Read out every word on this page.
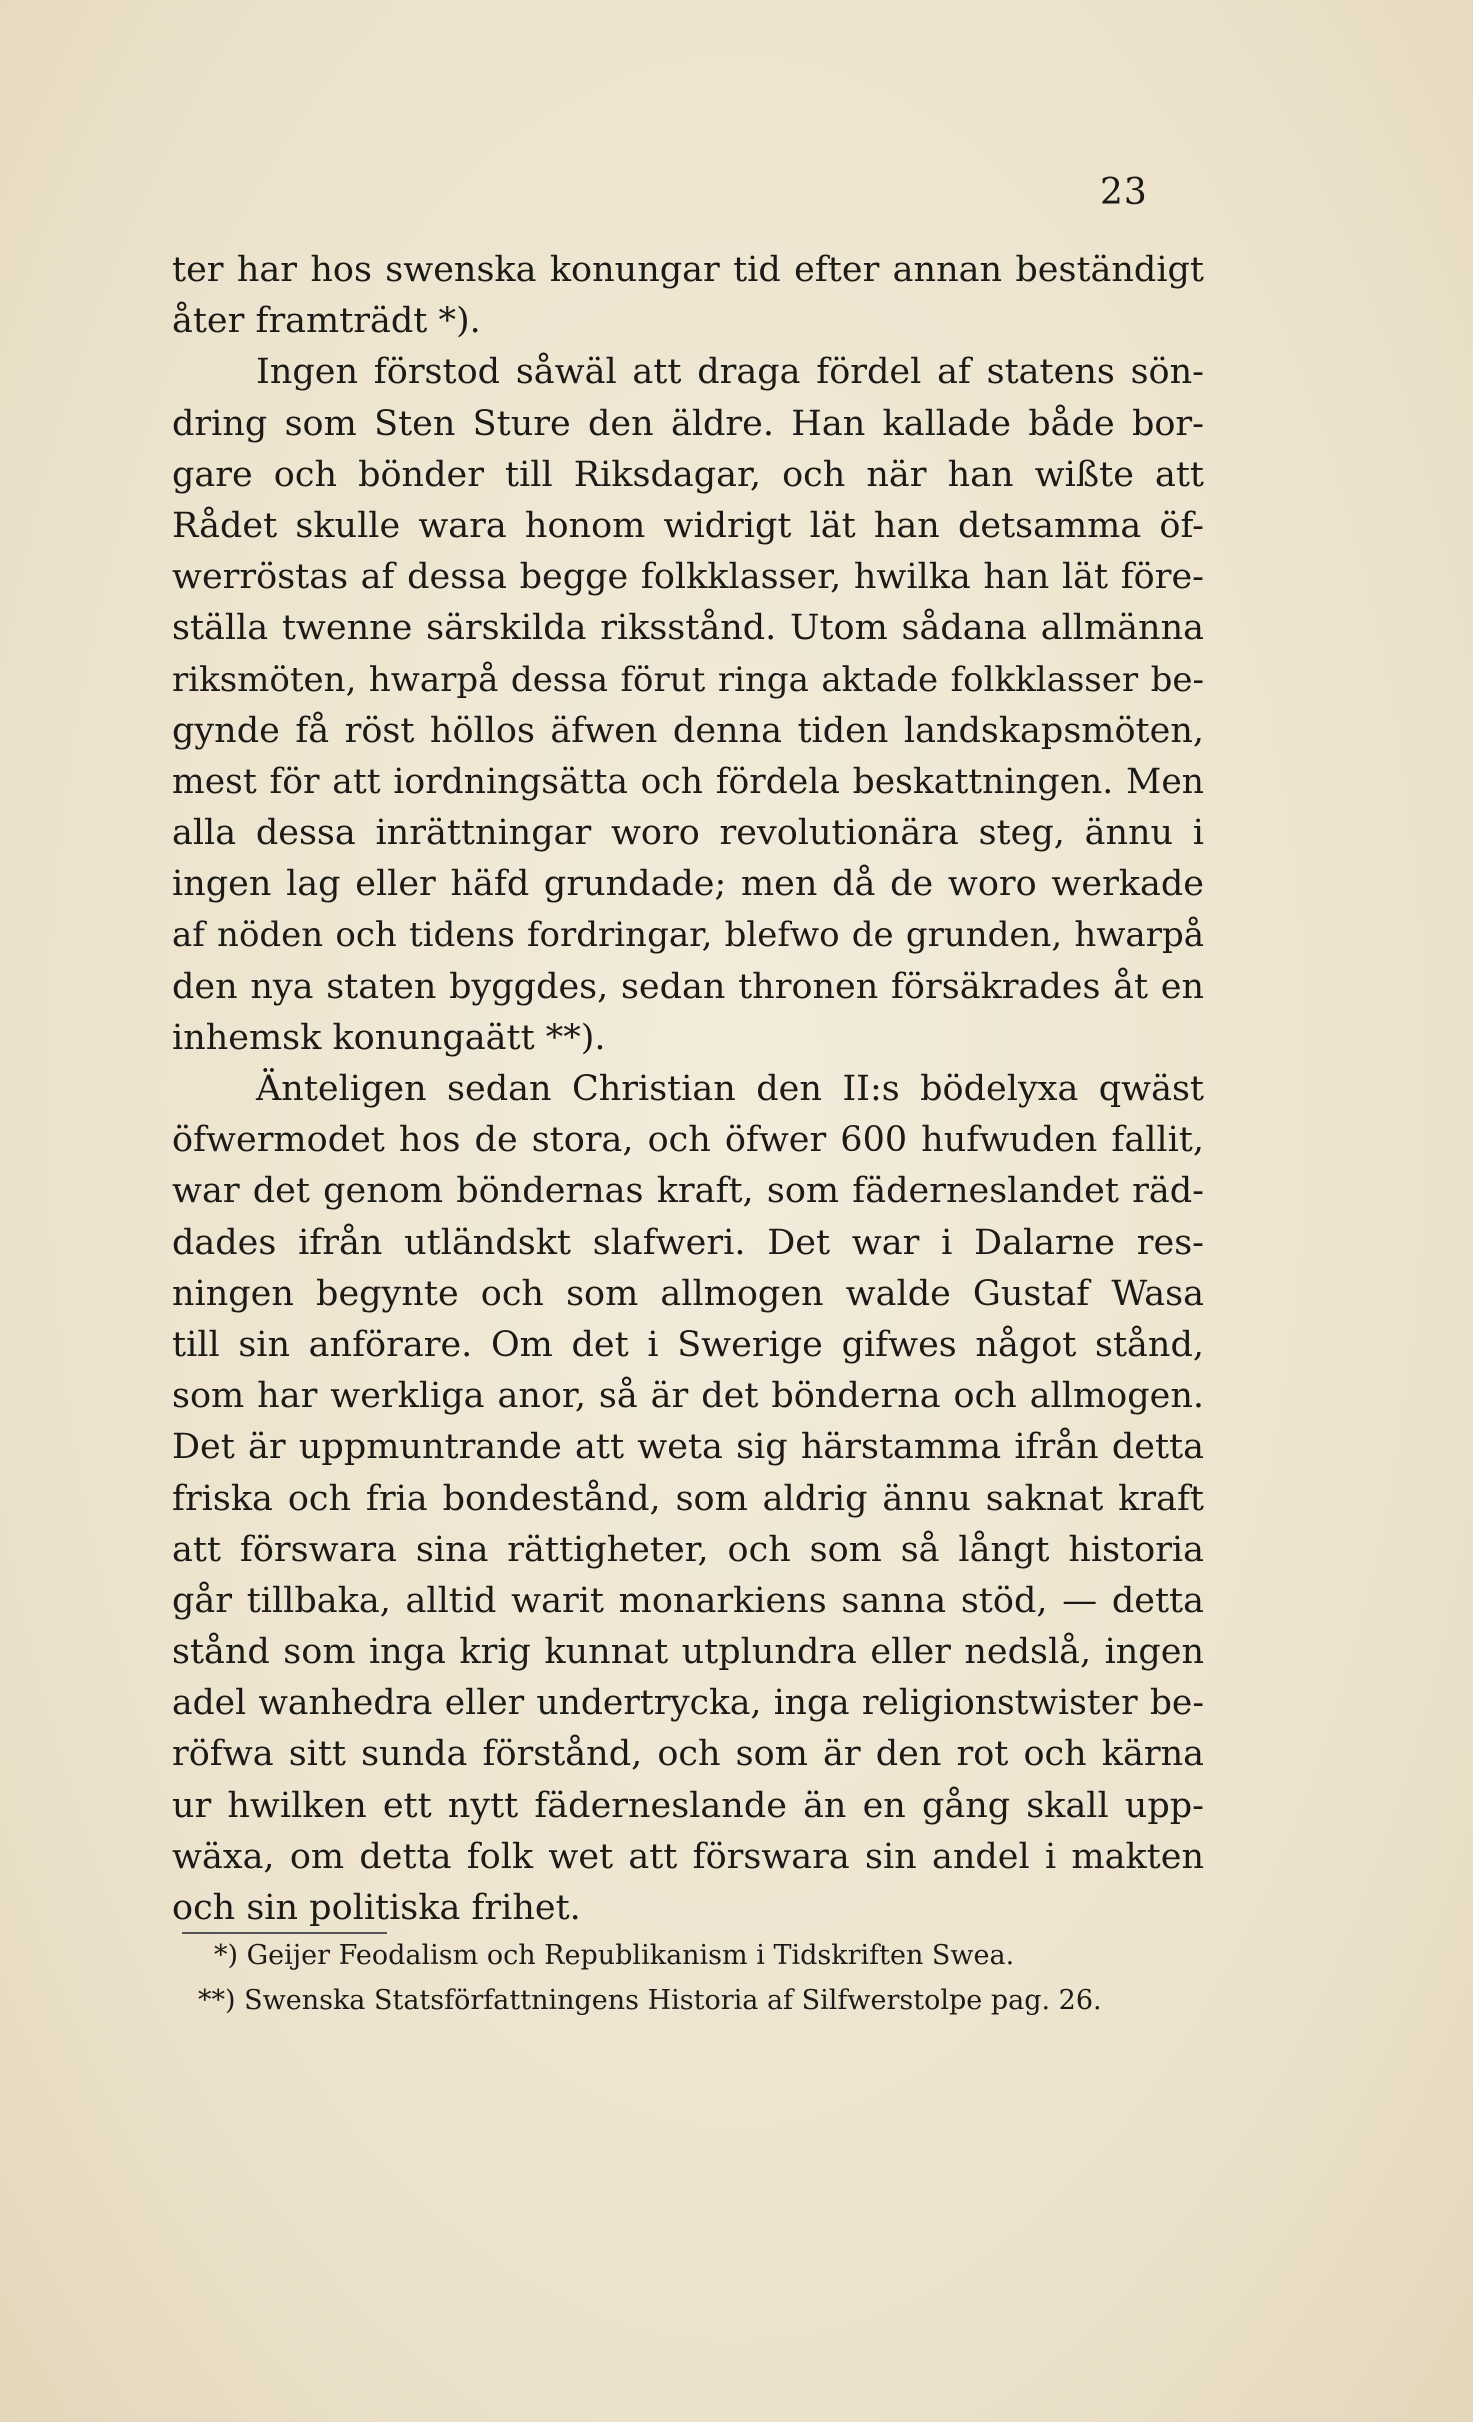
23
ter har hos swenska konungar tid efter annan beständigt
åter framträdt *).
Ingen förstod såwäl att draga fördel af statens sön-
dring som Sten Sture den äldre. Han kallade både bor-
gare och bönder till Riksdagar, och när han wißte att
Rådet skulle wara honom widrigt lät han detsamma öf-
werröstas af dessa begge folkklasser, hwilka han lät före-
ställa twenne särskilda riksstånd. Utom sådana allmänna
riksmöten, hwarpå dessa förut ringa aktade folkklasser be-
gynde få röst höllos äfwen denna tiden landskapsmöten,
mest för att iordningsätta och fördela beskattningen. Men
alla dessa inrättningar woro revolutionära steg, ännu i
ingen lag eller häfd grundade; men då de woro werkade
af nöden och tidens fordringar, blefwo de grunden, hwarpå
den nya staten byggdes, sedan thronen försäkrades åt en
inhemsk konungaätt **).
Änteligen sedan Christian den II:s bödelyxa qwäst
öfwermodet hos de stora, och öfwer 600 hufwuden fallit,
war det genom böndernas kraft, som fäderneslandet räd-
dades ifrån utländskt slafweri. Det war i Dalarne res-
ningen begynte och som allmogen walde Gustaf Wasa
till sin anförare. Om det i Swerige gifwes något stånd,
som har werkliga anor, så är det bönderna och allmogen.
Det är uppmuntrande att weta sig härstamma ifrån detta
friska och fria bondestånd, som aldrig ännu saknat kraft
att förswara sina rättigheter, och som så långt historia
går tillbaka, alltid warit monarkiens sanna stöd, — detta
stånd som inga krig kunnat utplundra eller nedslå, ingen
adel wanhedra eller undertrycka, inga religionstwister be-
röfwa sitt sunda förstånd, och som är den rot och kärna
ur hwilken ett nytt fäderneslande än en gång skall upp-
wäxa, om detta folk wet att förswara sin andel i makten
och sin politiska frihet.
*) Geijer Feodalism och Republikanism i Tidskriften Swea.
**) Swenska Statsförfattningens Historia af Silfwerstolpe pag. 26.
